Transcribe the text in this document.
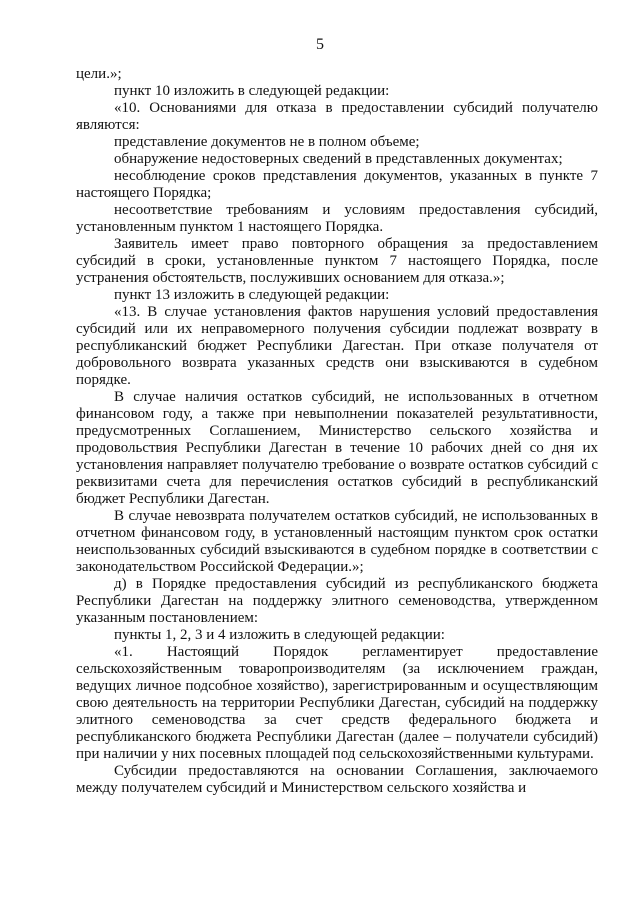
5

цели.»;

пункт 10 изложить в следующей редакции:

«10. Основаниями для отказа в предоставлении субсидий получателю являются:

представление документов не в полном объеме;

обнаружение недостоверных сведений в представленных документах;

несоблюдение сроков представления документов, указанных в пункте 7 настоящего Порядка;

несоответствие требованиям и условиям предоставления субсидий, установленным пунктом 1 настоящего Порядка.

Заявитель имеет право повторного обращения за предоставлением субсидий в сроки, установленные пунктом 7 настоящего Порядка, после устранения обстоятельств, послуживших основанием для отказа.»;

пункт 13 изложить в следующей редакции:

«13. В случае установления фактов нарушения условий предоставления субсидий или их неправомерного получения субсидии подлежат возврату в республиканский бюджет Республики Дагестан. При отказе получателя от добровольного возврата указанных средств они взыскиваются в судебном порядке.

В случае наличия остатков субсидий, не использованных в отчетном финансовом году, а также при невыполнении показателей результативности, предусмотренных Соглашением, Министерство сельского хозяйства и продовольствия Республики Дагестан в течение 10 рабочих дней со дня их установления направляет получателю требование о возврате остатков субсидий с реквизитами счета для перечисления остатков субсидий в республиканский бюджет Республики Дагестан.

В случае невозврата получателем остатков субсидий, не использованных в отчетном финансовом году, в установленный настоящим пунктом срок остатки неиспользованных субсидий взыскиваются в судебном порядке в соответствии с законодательством Российской Федерации.»;

д) в Порядке предоставления субсидий из республиканского бюджета Республики Дагестан на поддержку элитного семеноводства, утвержденном указанным постановлением:

пункты 1, 2, 3 и 4 изложить в следующей редакции:

«1. Настоящий Порядок регламентирует предоставление сельскохозяйственным товаропроизводителям (за исключением граждан, ведущих личное подсобное хозяйство), зарегистрированным и осуществляющим свою деятельность на территории Республики Дагестан, субсидий на поддержку элитного семеноводства за счет средств федерального бюджета и республиканского бюджета Республики Дагестан (далее – получатели субсидий) при наличии у них посевных площадей под сельскохозяйственными культурами.

Субсидии предоставляются на основании Соглашения, заключаемого между получателем субсидий и Министерством сельского хозяйства и
